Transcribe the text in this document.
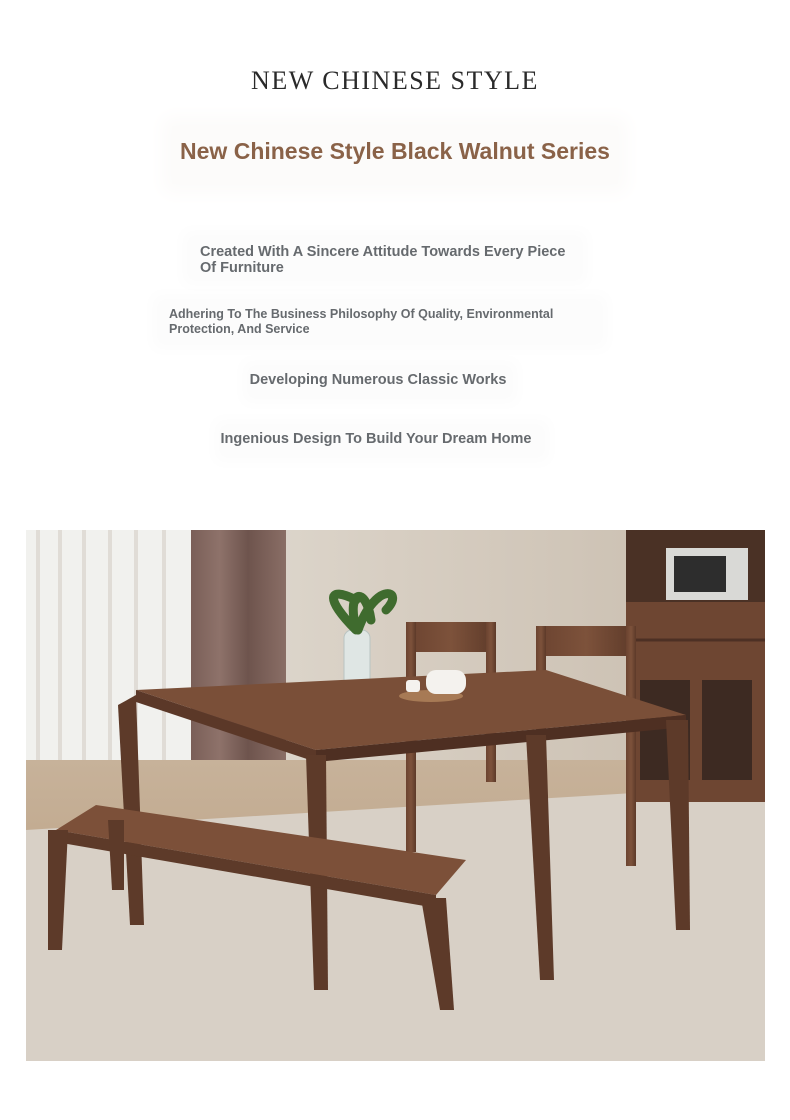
NEW CHINESE STYLE
New Chinese Style Black Walnut Series
Created With A Sincere Attitude Towards Every Piece Of Furniture
Adhering To The Business Philosophy Of Quality, Environmental Protection, And Service
Developing Numerous Classic Works
Ingenious Design To Build Your Dream Home
